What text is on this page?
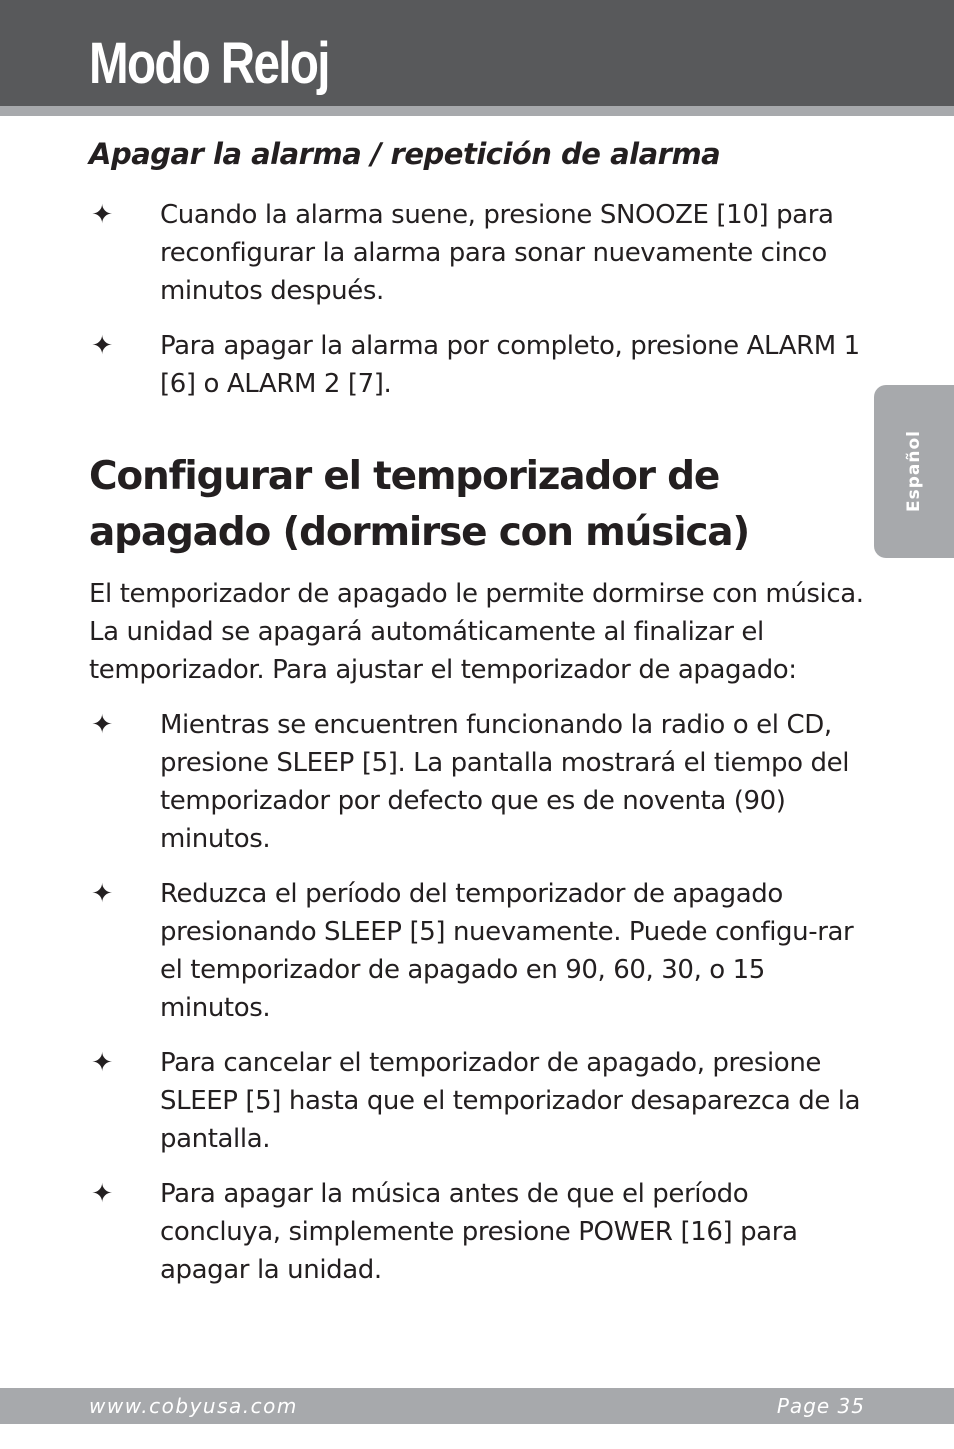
Modo Reloj
Español
Apagar la alarma / repetición de alarma
✦ Cuando la alarma suene, presione SNOOZE [10] para reconfigurar la alarma para sonar nuevamente cinco minutos después.
✦ Para apagar la alarma por completo, presione ALARM 1 [6] o ALARM 2 [7].
Configurar el temporizador de
apagado (dormirse con música)

El temporizador de apagado le permite dormirse con música. La unidad se apagará automáticamente al finalizar el temporizador. Para ajustar el temporizador de apagado:

✦ Mientras se encuentren funcionando la radio o el CD, presione SLEEP [5]. La pantalla mostrará el tiempo del temporizador por defecto que es de noventa (90) minutos.
✦ Reduzca el período del temporizador de apagado presionando SLEEP [5] nuevamente. Puede configu-rar el temporizador de apagado en 90, 60, 30, o 15 minutos.
✦ Para cancelar el temporizador de apagado, presione SLEEP [5] hasta que el temporizador desaparezca de la pantalla.
✦ Para apagar la música antes de que el período concluya, simplemente presione POWER [16] para apagar la unidad.
www.cobyusa.com	Page 35
